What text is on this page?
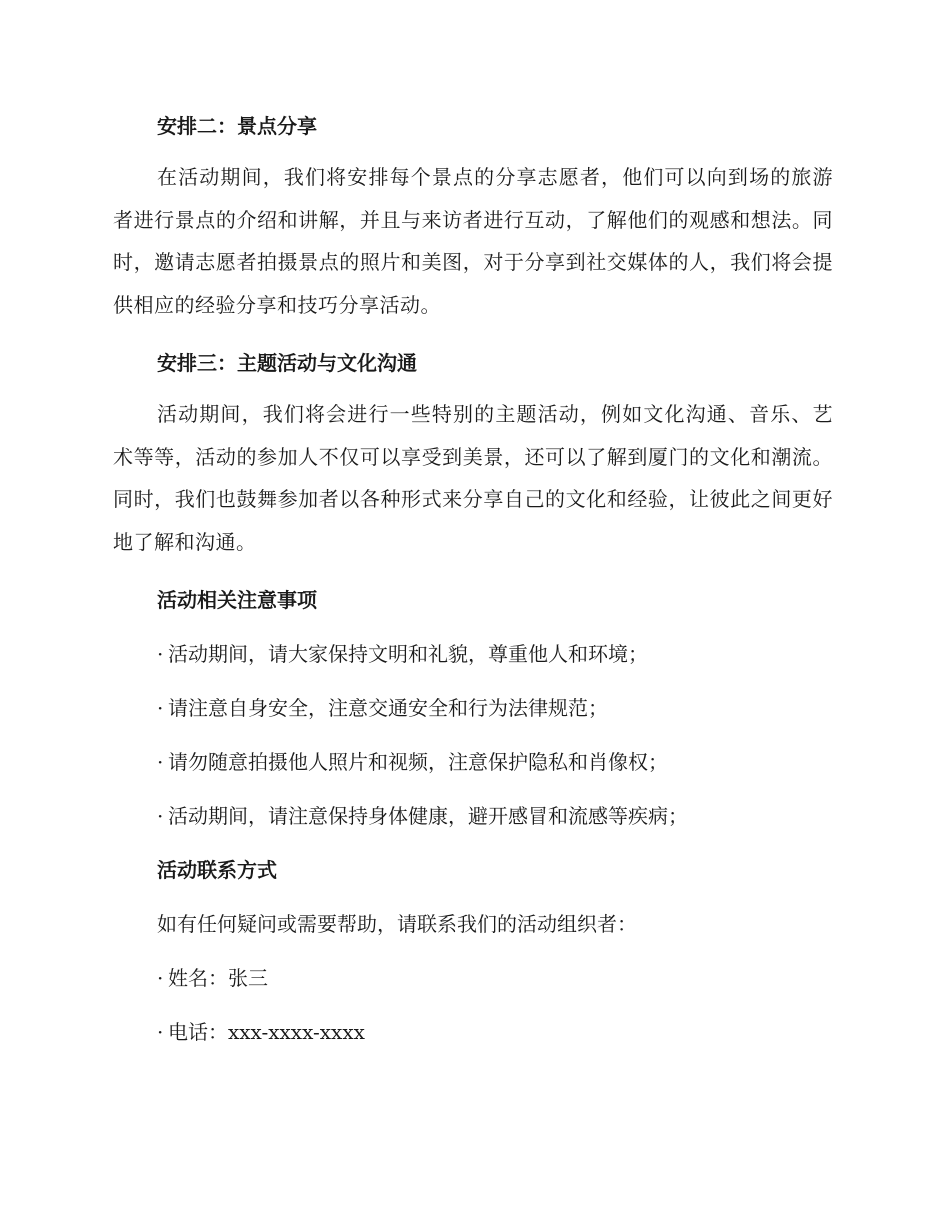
安排二：景点分享

在活动期间，我们将安排每个景点的分享志愿者，他们可以向到场的旅游者进行景点的介绍和讲解，并且与来访者进行互动，了解他们的观感和想法。同时，邀请志愿者拍摄景点的照片和美图，对于分享到社交媒体的人，我们将会提供相应的经验分享和技巧分享活动。

安排三：主题活动与文化沟通

活动期间，我们将会进行一些特别的主题活动，例如文化沟通、音乐、艺术等等，活动的参加人不仅可以享受到美景，还可以了解到厦门的文化和潮流。同时，我们也鼓舞参加者以各种形式来分享自己的文化和经验，让彼此之间更好地了解和沟通。

活动相关注意事项
· 活动期间，请大家保持文明和礼貌，尊重他人和环境；
· 请注意自身安全，注意交通安全和行为法律规范；
· 请勿随意拍摄他人照片和视频，注意保护隐私和肖像权；
· 活动期间，请注意保持身体健康，避开感冒和流感等疾病；
活动联系方式
如有任何疑问或需要帮助，请联系我们的活动组织者：
· 姓名：张三
· 电话：xxx-xxxx-xxxx
